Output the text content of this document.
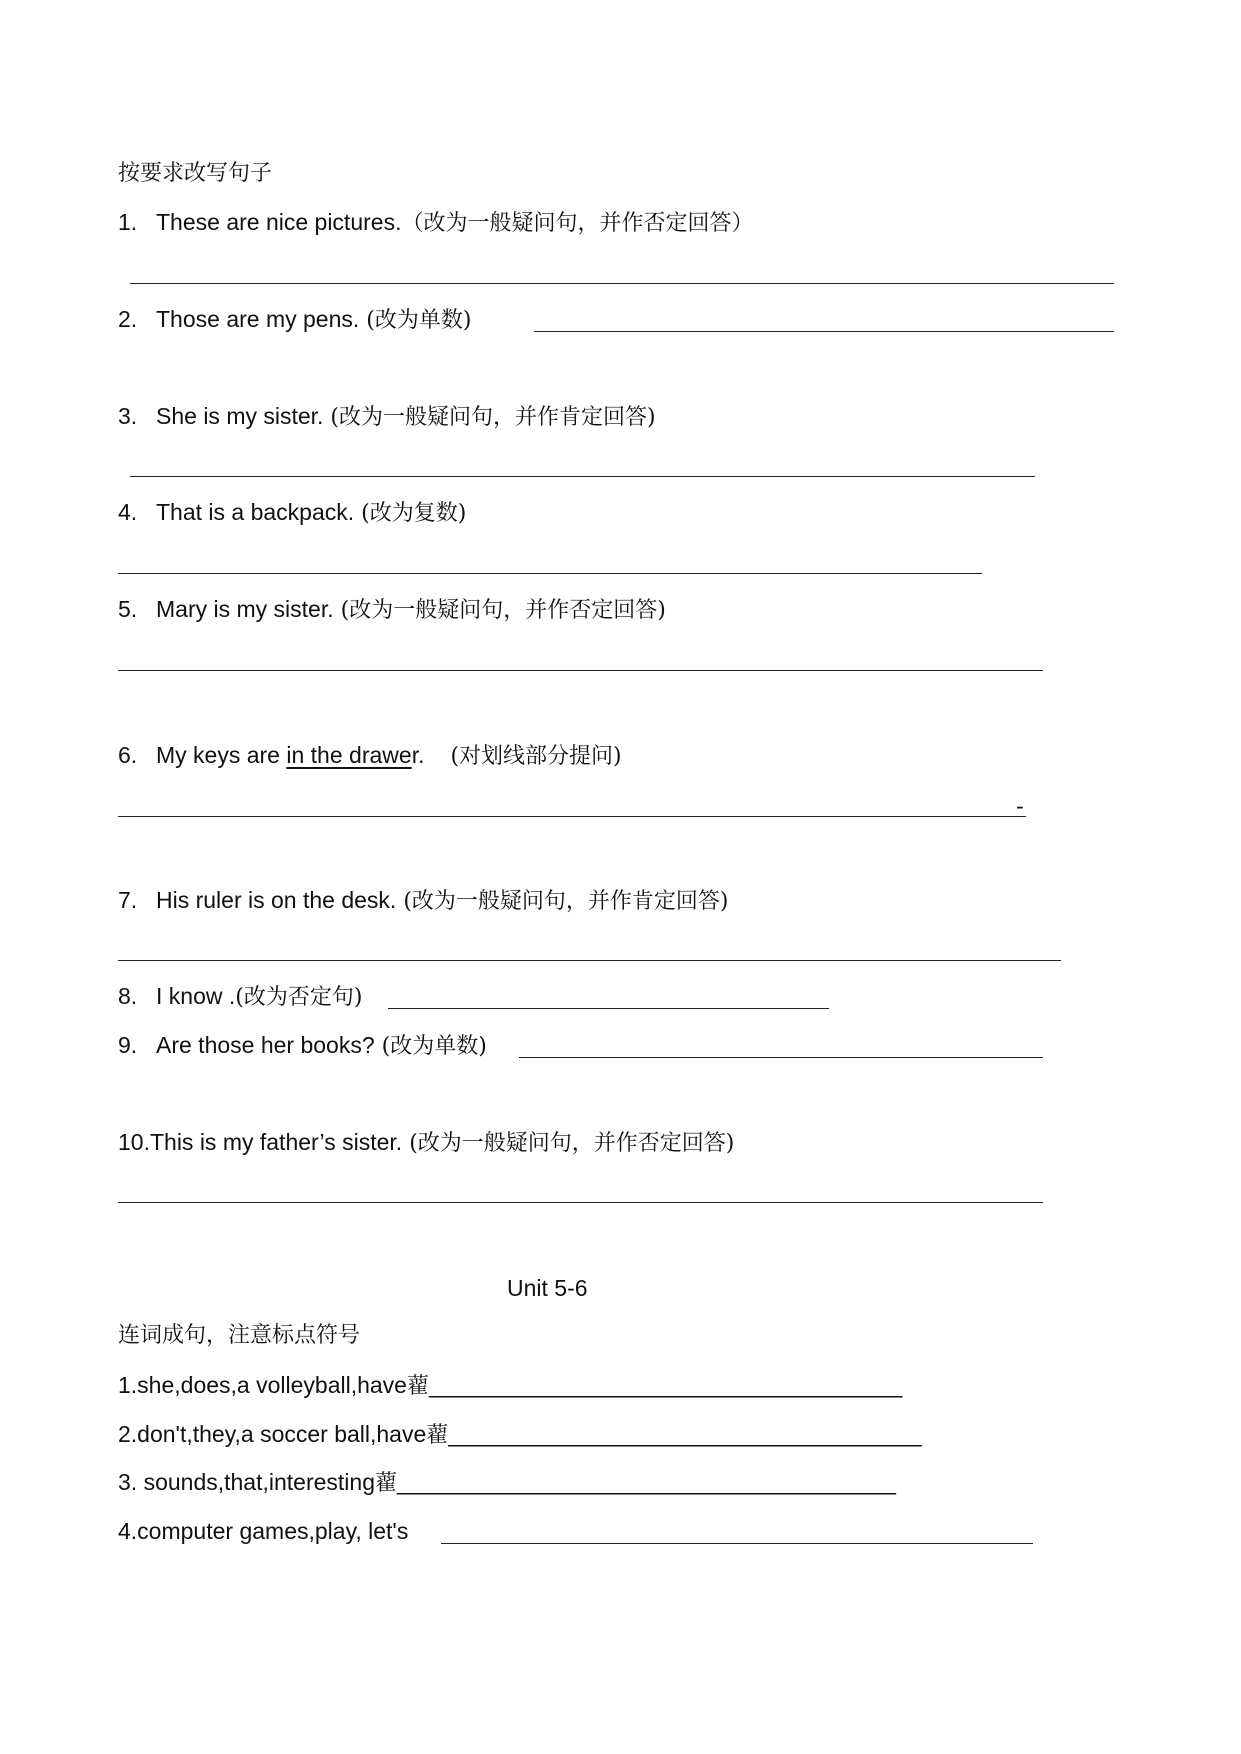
按要求改写句子
1. These are nice pictures.（改为一般疑问句，并作否定回答）
2. Those are my pens. (改为单数)
3. She is my sister. (改为一般疑问句，并作肯定回答)
4. That is a backpack. (改为复数)
5. Mary is my sister. (改为一般疑问句，并作否定回答)
6. My keys are in the drawer. (对划线部分提问)
-
7. His ruler is on the desk. (改为一般疑问句，并作肯定回答)
8. I know .(改为否定句)
9. Are those her books? (改为单数)
10.This is my father’s sister. (改为一般疑问句，并作否定回答)
Unit 5-6
连词成句，注意标点符号
1.she,does,a volleyball,have藋_____________________________________
2.don't,they,a soccer ball,have藋_____________________________________
3. sounds,that,interesting藋_______________________________________
4.computer games,play, let's
